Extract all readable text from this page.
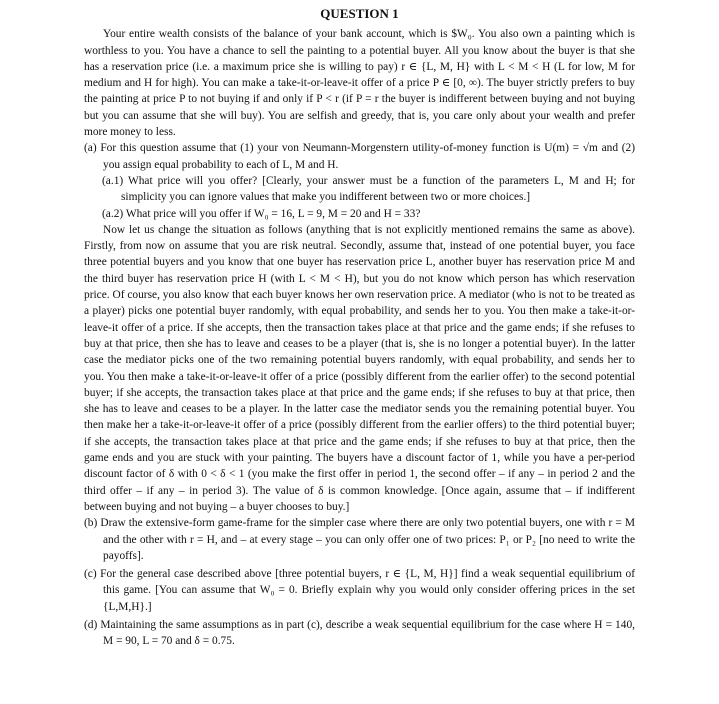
QUESTION 1

Your entire wealth consists of the balance of your bank account, which is $W₀. You also own a painting which is worthless to you. You have a chance to sell the painting to a potential buyer. All you know about the buyer is that she has a reservation price (i.e. a maximum price she is willing to pay) r ∈ {L, M, H} with L < M < H (L for low, M for medium and H for high). You can make a take-it-or-leave-it offer of a price P ∈ [0, ∞). The buyer strictly prefers to buy the painting at price P to not buying if and only if P < r (if P = r the buyer is indifferent between buying and not buying but you can assume that she will buy). You are selfish and greedy, that is, you care only about your wealth and prefer more money to less.

(a) For this question assume that (1) your von Neumann-Morgenstern utility-of-money function is U(m) = √m and (2) you assign equal probability to each of L, M and H.

(a.1) What price will you offer? [Clearly, your answer must be a function of the parameters L, M and H; for simplicity you can ignore values that make you indifferent between two or more choices.]

(a.2) What price will you offer if W₀ = 16, L = 9, M = 20 and H = 33?

Now let us change the situation as follows (anything that is not explicitly mentioned remains the same as above). Firstly, from now on assume that you are risk neutral. Secondly, assume that, instead of one potential buyer, you face three potential buyers and you know that one buyer has reservation price L, another buyer has reservation price M and the third buyer has reservation price H (with L < M < H), but you do not know which person has which reservation price. Of course, you also know that each buyer knows her own reservation price. A mediator (who is not to be treated as a player) picks one potential buyer randomly, with equal probability, and sends her to you. You then make a take-it-or-leave-it offer of a price. If she accepts, then the transaction takes place at that price and the game ends; if she refuses to buy at that price, then she has to leave and ceases to be a player (that is, she is no longer a potential buyer). In the latter case the mediator picks one of the two remaining potential buyers randomly, with equal probability, and sends her to you. You then make a take-it-or-leave-it offer of a price (possibly different from the earlier offer) to the second potential buyer; if she accepts, the transaction takes place at that price and the game ends; if she refuses to buy at that price, then she has to leave and ceases to be a player. In the latter case the mediator sends you the remaining potential buyer. You then make her a take-it-or-leave-it offer of a price (possibly different from the earlier offers) to the third potential buyer; if she accepts, the transaction takes place at that price and the game ends; if she refuses to buy at that price, then the game ends and you are stuck with your painting. The buyers have a discount factor of 1, while you have a per-period discount factor of δ with 0 < δ < 1 (you make the first offer in period 1, the second offer – if any – in period 2 and the third offer – if any – in period 3). The value of δ is common knowledge. [Once again, assume that – if indifferent between buying and not buying – a buyer chooses to buy.]

(b) Draw the extensive-form game-frame for the simpler case where there are only two potential buyers, one with r = M and the other with r = H, and – at every stage – you can only offer one of two prices: P₁ or P₂ [no need to write the payoffs].

(c) For the general case described above [three potential buyers, r ∈ {L, M, H}] find a weak sequential equilibrium of this game. [You can assume that W₀ = 0. Briefly explain why you would only consider offering prices in the set {L,M,H}.]

(d) Maintaining the same assumptions as in part (c), describe a weak sequential equilibrium for the case where H = 140, M = 90, L = 70 and δ = 0.75.
